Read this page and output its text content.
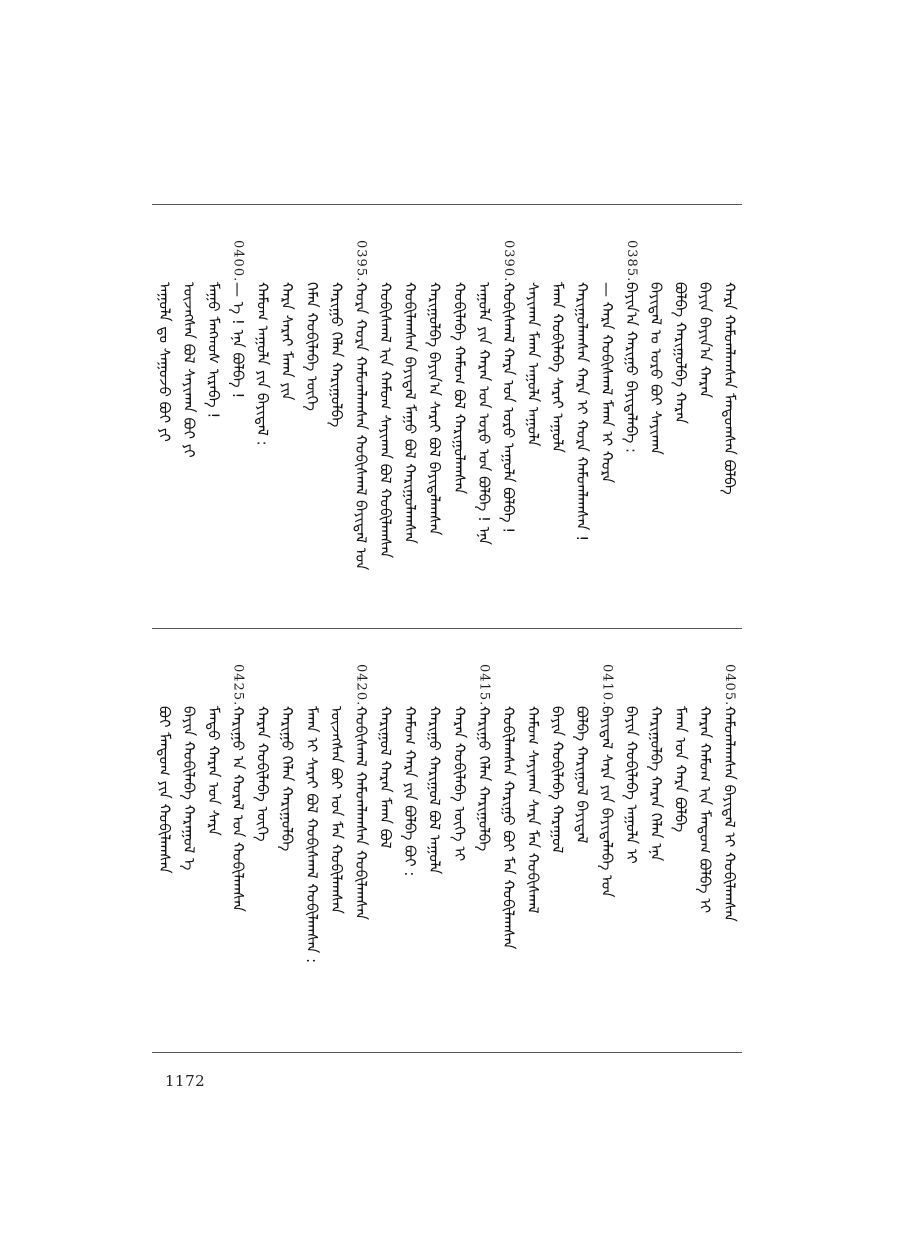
ᠠᠭᠤᠯᠠ ᠳᠤ ᠰᠠᠭᠤᠵᠤ ᠪᠤᠢ ᠶᠢ ᠦᠵᠡᠭᠰᠡᠨ ᠪᠤᠯ ᠰᠠᠶᠢᠬᠠᠨ ᠪᠤᠢ ᠶᠢ ᠮᠠᠭᠤ ᠮᠠᠩᠬᠤᠰ ᠢᠷᠡᠪᠡ !
0400.
— ᠡ ! ᠡᠨᠡ ᠪᠤᠯᠪᠠ ! ᠬᠠᠮᠤᠭ ᠠᠭᠤᠯᠠ ᠶᠢᠨ ᠪᠠᠶᠢᠳᠠᠯ : ᠬᠠᠷᠠ ᠰᠠᠷᠠᠢ ᠮᠠᠬᠠ ᠶᠢᠨ ᠬᠡᠮᠡᠨ ᠬᠤᠪᠢᠯᠠᠪᠠ ᠦᠭᠡ ᠬᠠᠷᠢᠭᠤ ᠬᠡᠯᠡᠨ ᠬᠠᠷᠢᠭᠤᠯᠪᠠ
0395.
ᠬᠤᠷᠠ ᠬᠤᠷᠠ ᠬᠠᠮᠤᠭᠯᠠᠭᠰᠠᠨ ᠬᠤᠪᠢᠰᠬᠠᠯ ᠪᠠᠶᠢᠳᠠᠯ ᠤᠨ ᠬᠤᠪᠢᠰᠬᠠᠯ ᠢᠨ ᠬᠠᠮᠤᠭ ᠰᠠᠶᠢᠬᠠᠨ ᠪᠤᠯ ᠬᠤᠪᠢᠯᠠᠭᠰᠠᠨ ᠬᠤᠪᠢᠯᠠᠭᠰᠠᠨ ᠪᠠᠶᠢᠳᠠᠯ ᠮᠠᠭᠤ ᠪᠤᠯ ᠬᠠᠷᠢᠭᠤᠯᠠᠭᠰᠠᠨ ᠬᠠᠷᠢᠭᠤᠯᠪᠠ ᠪᠠᠶᠢᠨ᠎ᠠ ᠰᠠᠷᠠᠢ ᠪᠤᠯ ᠪᠠᠶᠢᠳᠠᠯᠠᠭᠰᠠᠨ ᠬᠤᠪᠢᠯᠠᠪᠠ ᠬᠠᠮᠤᠭ ᠪᠤᠯ ᠬᠠᠷᠢᠭᠤᠯᠠᠭᠰᠠᠨ ᠠᠭᠤᠯᠠ ᠶᠢᠨ ᠬᠠᠷᠠᠨ ᠤᠨ ᠤᠷᠤ ᠤᠨ ᠪᠤᠯᠪᠠ ! ᠡᠨᠡ
0390.
ᠬᠤᠪᠢᠰᠬᠠᠯ ᠬᠠᠷᠠ ᠤᠨ ᠤᠷᠤ ᠠᠭᠤᠯᠠ ᠪᠤᠯᠪᠠ ! ᠰᠠᠶᠢᠬᠠᠨ ᠮᠠᠬᠠ ᠠᠭᠤᠯᠠ ᠠᠭᠤᠯᠠ ᠮᠠᠬᠠ ᠬᠤᠪᠢᠯᠠᠪᠠ ᠰᠠᠷᠠᠢ ᠠᠭᠤᠯᠠ ᠬᠠᠷᠢᠭᠤᠯᠠᠭᠰᠠᠨ ᠬᠠᠷᠠ ᠢ ᠬᠤᠷᠠ ᠬᠠᠮᠤᠭᠯᠠᠭᠰᠠᠨ ! — ᠬᠠᠷᠠ ᠬᠤᠪᠢᠰᠬᠠᠯ ᠮᠠᠬᠠ ᠢ ᠬᠤᠷᠠ
0385.
ᠪᠠᠶᠢᠨ᠎ᠠ ᠬᠠᠷᠢᠭᠤ ᠪᠠᠶᠢᠳᠠᠯᠠᠪᠠ : ᠪᠠᠶᠢᠳᠠᠯ ᠤ ᠤᠷᠤ ᠪᠤᠢ ᠰᠠᠶᠢᠬᠠᠨ ᠪᠤᠯᠪᠠ ᠬᠠᠷᠢᠭᠤᠯᠪᠠ ᠬᠠᠷᠠᠨ ᠪᠠᠶᠢᠨ ᠪᠠᠶᠢᠨ᠎ᠠ ᠬᠠᠷᠠᠨ ᠬᠠᠷᠠ ᠬᠠᠮᠤᠭᠯᠠᠭᠰᠠᠨ ᠮᠠᠨᠳᠤᠭᠰᠠᠨ ᠪᠤᠯᠪᠠ
ᠪᠤᠢ ᠮᠠᠨᠳᠤᠭ ᠶᠢᠨ ᠬᠤᠪᠢᠯᠠᠭᠰᠠᠨ ᠪᠠᠶᠢᠨ ᠬᠤᠪᠢᠯᠠᠪᠠ ᠬᠠᠷᠠᠭᠤᠯ ᠡ ᠮᠠᠨᠳᠤ ᠬᠠᠷᠠᠨ ᠤᠨ ᠰᠠᠷᠠ
0425.
ᠬᠠᠷᠢᠭᠤ ᠡᠨ ᠬᠤᠷᠠᠯ ᠤᠨ ᠬᠤᠪᠢᠯᠠᠭᠰᠠᠨ ᠬᠠᠷᠠᠨ ᠬᠤᠪᠢᠯᠠᠪᠠ ᠦᠭᠡ ᠬᠠᠷᠢᠭᠤ ᠬᠡᠯᠡᠨ ᠬᠠᠷᠢᠭᠤᠯᠪᠠ ᠮᠠᠬᠠ ᠢ ᠰᠠᠷᠠᠢ ᠪᠤᠯ ᠬᠤᠪᠢᠰᠬᠠᠯ ᠬᠤᠪᠢᠯᠠᠭᠰᠠᠨ : ᠦᠵᠡᠭᠰᠡᠨ ᠪᠤᠢ ᠤᠨ ᠮᠠᠨ ᠬᠤᠪᠢᠯᠠᠭᠰᠠᠨ
0420.
ᠬᠤᠪᠢᠰᠬᠠᠯ ᠬᠠᠮᠤᠭᠯᠠᠭᠰᠠᠨ ᠬᠤᠪᠢᠯᠠᠭᠰᠠᠨ ᠬᠠᠷᠢᠭᠤᠯ ᠬᠠᠷᠠᠨ ᠮᠠᠬᠠ ᠪᠤᠯ ᠬᠠᠮᠤᠭ ᠬᠠᠷᠠ ᠶᠢᠨ ᠪᠤᠯᠪᠠ ᠪᠤᠢ : ᠬᠠᠷᠢᠭᠤ ᠬᠠᠷᠢᠭᠤᠯ ᠪᠤᠯ ᠠᠭᠤᠯᠠ ᠬᠠᠷᠠᠨ ᠬᠤᠪᠢᠯᠠᠪᠠ ᠦᠭᠡ ᠢ
0415.
ᠬᠠᠷᠢᠭᠤ ᠬᠡᠯᠡᠨ ᠬᠠᠷᠢᠭᠤᠯᠪᠠ ᠬᠤᠪᠢᠯᠠᠭᠰᠠᠨ ᠬᠠᠷᠢᠭᠤ ᠪᠤᠢ ᠮᠠᠨ ᠬᠤᠪᠢᠯᠠᠭᠰᠠᠨ ᠬᠠᠮᠤᠭ ᠰᠠᠶᠢᠬᠠᠨ ᠰᠠᠷᠠ ᠮᠠᠨ ᠬᠤᠪᠢᠰᠬᠠᠯ ᠪᠠᠶᠢᠨ ᠬᠤᠪᠢᠯᠠᠪᠠ ᠬᠠᠷᠠᠭᠤᠯ ᠪᠤᠯᠪᠠ ᠬᠠᠷᠢᠭᠤᠯ ᠪᠠᠶᠢᠳᠠᠯ
0410.
ᠪᠠᠶᠢᠳᠠᠯ ᠰᠠᠷᠠ ᠶᠢᠨ ᠪᠠᠶᠢᠳᠠᠯᠠᠪᠠ ᠤᠨ ᠪᠠᠶᠢᠨ ᠬᠤᠪᠢᠯᠠᠪᠠ ᠠᠭᠤᠯᠠ ᠢ ᠬᠠᠷᠢᠭᠤᠯᠪᠠ ᠬᠠᠷᠠᠨ ᠬᠡᠯᠡᠨ ᠡᠨᠡ ᠮᠠᠬᠠ ᠤᠨ ᠬᠠᠷᠠ ᠪᠤᠯᠪᠠ ᠬᠠᠷᠠᠨ ᠬᠠᠮᠤᠭ ᠢᠨ ᠮᠠᠨᠳᠤᠭ ᠪᠤᠯᠪᠠ ᠢ
0405.
ᠬᠠᠮᠤᠭᠯᠠᠭᠰᠠᠨ ᠪᠠᠶᠢᠳᠠᠯ ᠢ ᠬᠤᠪᠢᠯᠠᠭᠰᠠᠨ
1172
